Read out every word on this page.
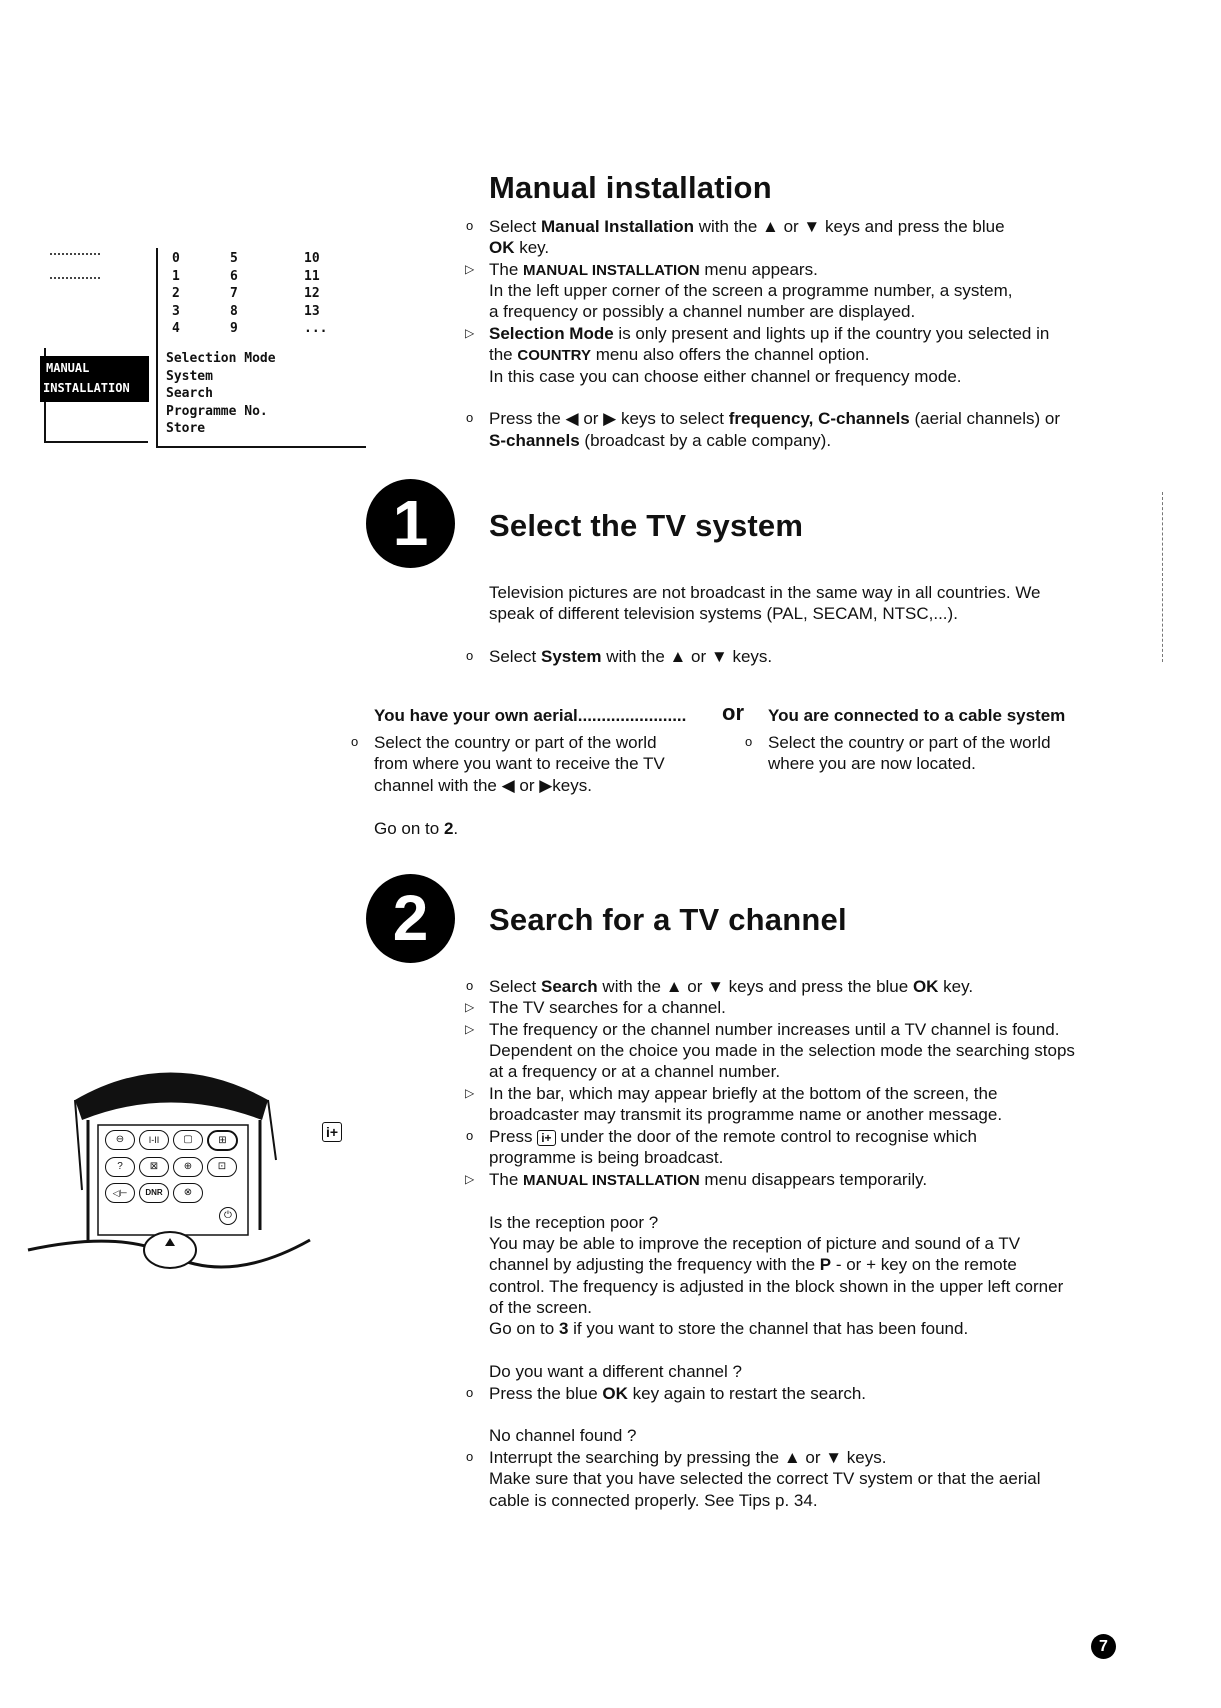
0	5	10
1	6	11
2	7	12
3	8	13
4	9	...
MANUAL
INSTALLATION
Selection Mode
System
Search
Programme No.
Store
Manual installation
o Select Manual Installation with the ▲ or ▼ keys and press the blue
OK key.
▷ The MANUAL INSTALLATION menu appears.
In the left upper corner of the screen a programme number, a system,
a frequency or possibly a channel number are displayed.
▷ Selection Mode is only present and lights up if the country you selected in
the COUNTRY menu also offers the channel option.
In this case you can choose either channel or frequency mode.
o Press the ◀ or ▶ keys to select frequency, C-channels (aerial channels) or
S-channels (broadcast by a cable company).
1	Select the TV system
Television pictures are not broadcast in the same way in all countries. We
speak of different television systems (PAL, SECAM, NTSC,...).
o Select System with the ▲ or ▼ keys.
You have your own aerial....................... or You are connected to a cable system
o Select the country or part of the world
from where you want to receive the TV
channel with the ◀ or ▶keys.
o Select the country or part of the world
where you are now located.
Go on to 2.
2	Search for a TV channel
o Select Search with the ▲ or ▼ keys and press the blue OK key.
▷ The TV searches for a channel.
▷ The frequency or the channel number increases until a TV channel is found.
Dependent on the choice you made in the selection mode the searching stops
at a frequency or at a channel number.
▷ In the bar, which may appear briefly at the bottom of the screen, the
broadcaster may transmit its programme name or another message.
o Press i+ under the door of the remote control to recognise which
programme is being broadcast.
▷ The MANUAL INSTALLATION menu disappears temporarily.
Is the reception poor ?
You may be able to improve the reception of picture and sound of a TV
channel by adjusting the frequency with the P - or + key on the remote
control. The frequency is adjusted in the block shown in the upper left corner
of the screen.
Go on to 3 if you want to store the channel that has been found.
Do you want a different channel ?
o Press the blue OK key again to restart the search.
No channel found ?
o Interrupt the searching by pressing the ▲ or ▼ keys.
Make sure that you have selected the correct TV system or that the aerial
cable is connected properly. See Tips p. 34.
⊖	I-II	▢	⊞
?	⊠	⊕	⊡
◁⊢	DNR	⊗
⏻
i+
7
